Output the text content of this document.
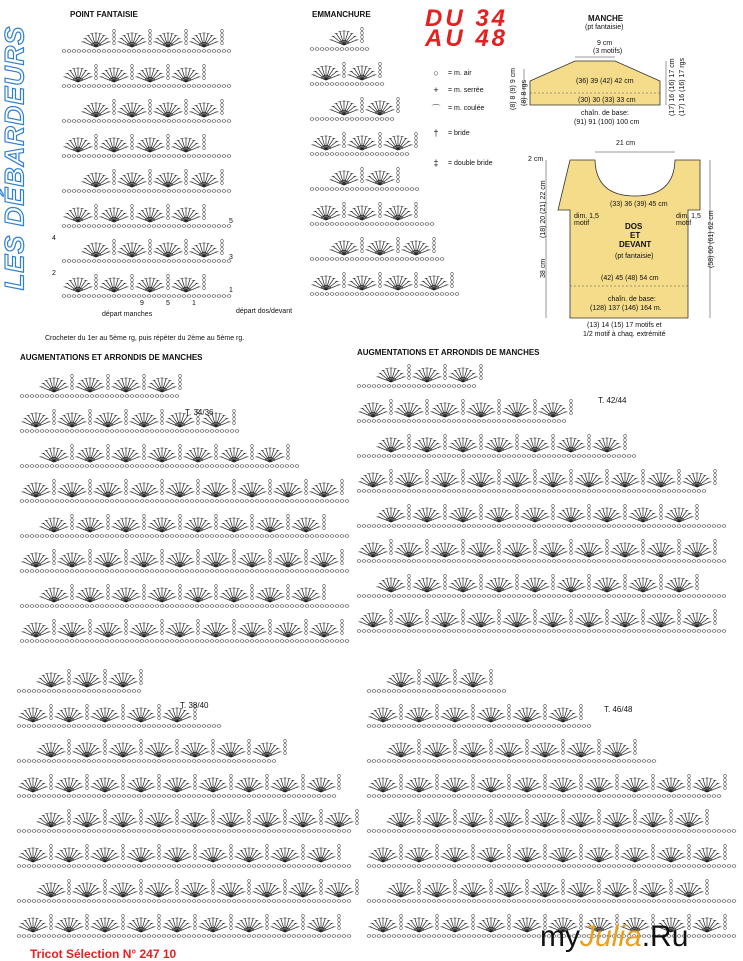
LES DÉBARDEURS
POINT FANTAISIE	EMMANCHURE DU 34
AU 48
4
2
5
3
1
9	5	1
départ manches	départ dos/devant
Crocheter du 1er au 5ème rg, puis répéter du 2ème au 5ème rg.
○	= m. air
+	= m. serrée
⌒ = m. coulée
†	= bride
‡	= double bride
MANCHE
(pt fantaisie)
9 cm
(3 motifs)
(36) 39 (42) 42 cm
(30) 30 (33) 33 cm
chaîn. de base:
(91) 91 (100) 100 cm
(8) 8 (9) 9 cm (8) 8 rgs	(17) 16 (16) 17 cm (17) 16 (16) 17 rgs
21 cm
2 cm
(33) 36 (39) 45 cm
dim. 1,5 motif
dim. 1,5 motif
DOS
ET
DEVANT
(pt fantaisie)
(42) 45 (48) 54 cm
chaîn. de base:
(128) 137 (146) 164 m.
(13) 14 (15) 17 motifs et
1/2 motif à chaq. extrémité
(18) 20 (21) 22 cm
38 cm
(58) 60 (61) 62 cm
AUGMENTATIONS ET ARRONDIS DE MANCHES
AUGMENTATIONS ET ARRONDIS DE MANCHES
T. 34/36
T. 42/44
T. 38/40	T. 46/48
Tricot Sélection N° 247 10
myJulia.Ru
